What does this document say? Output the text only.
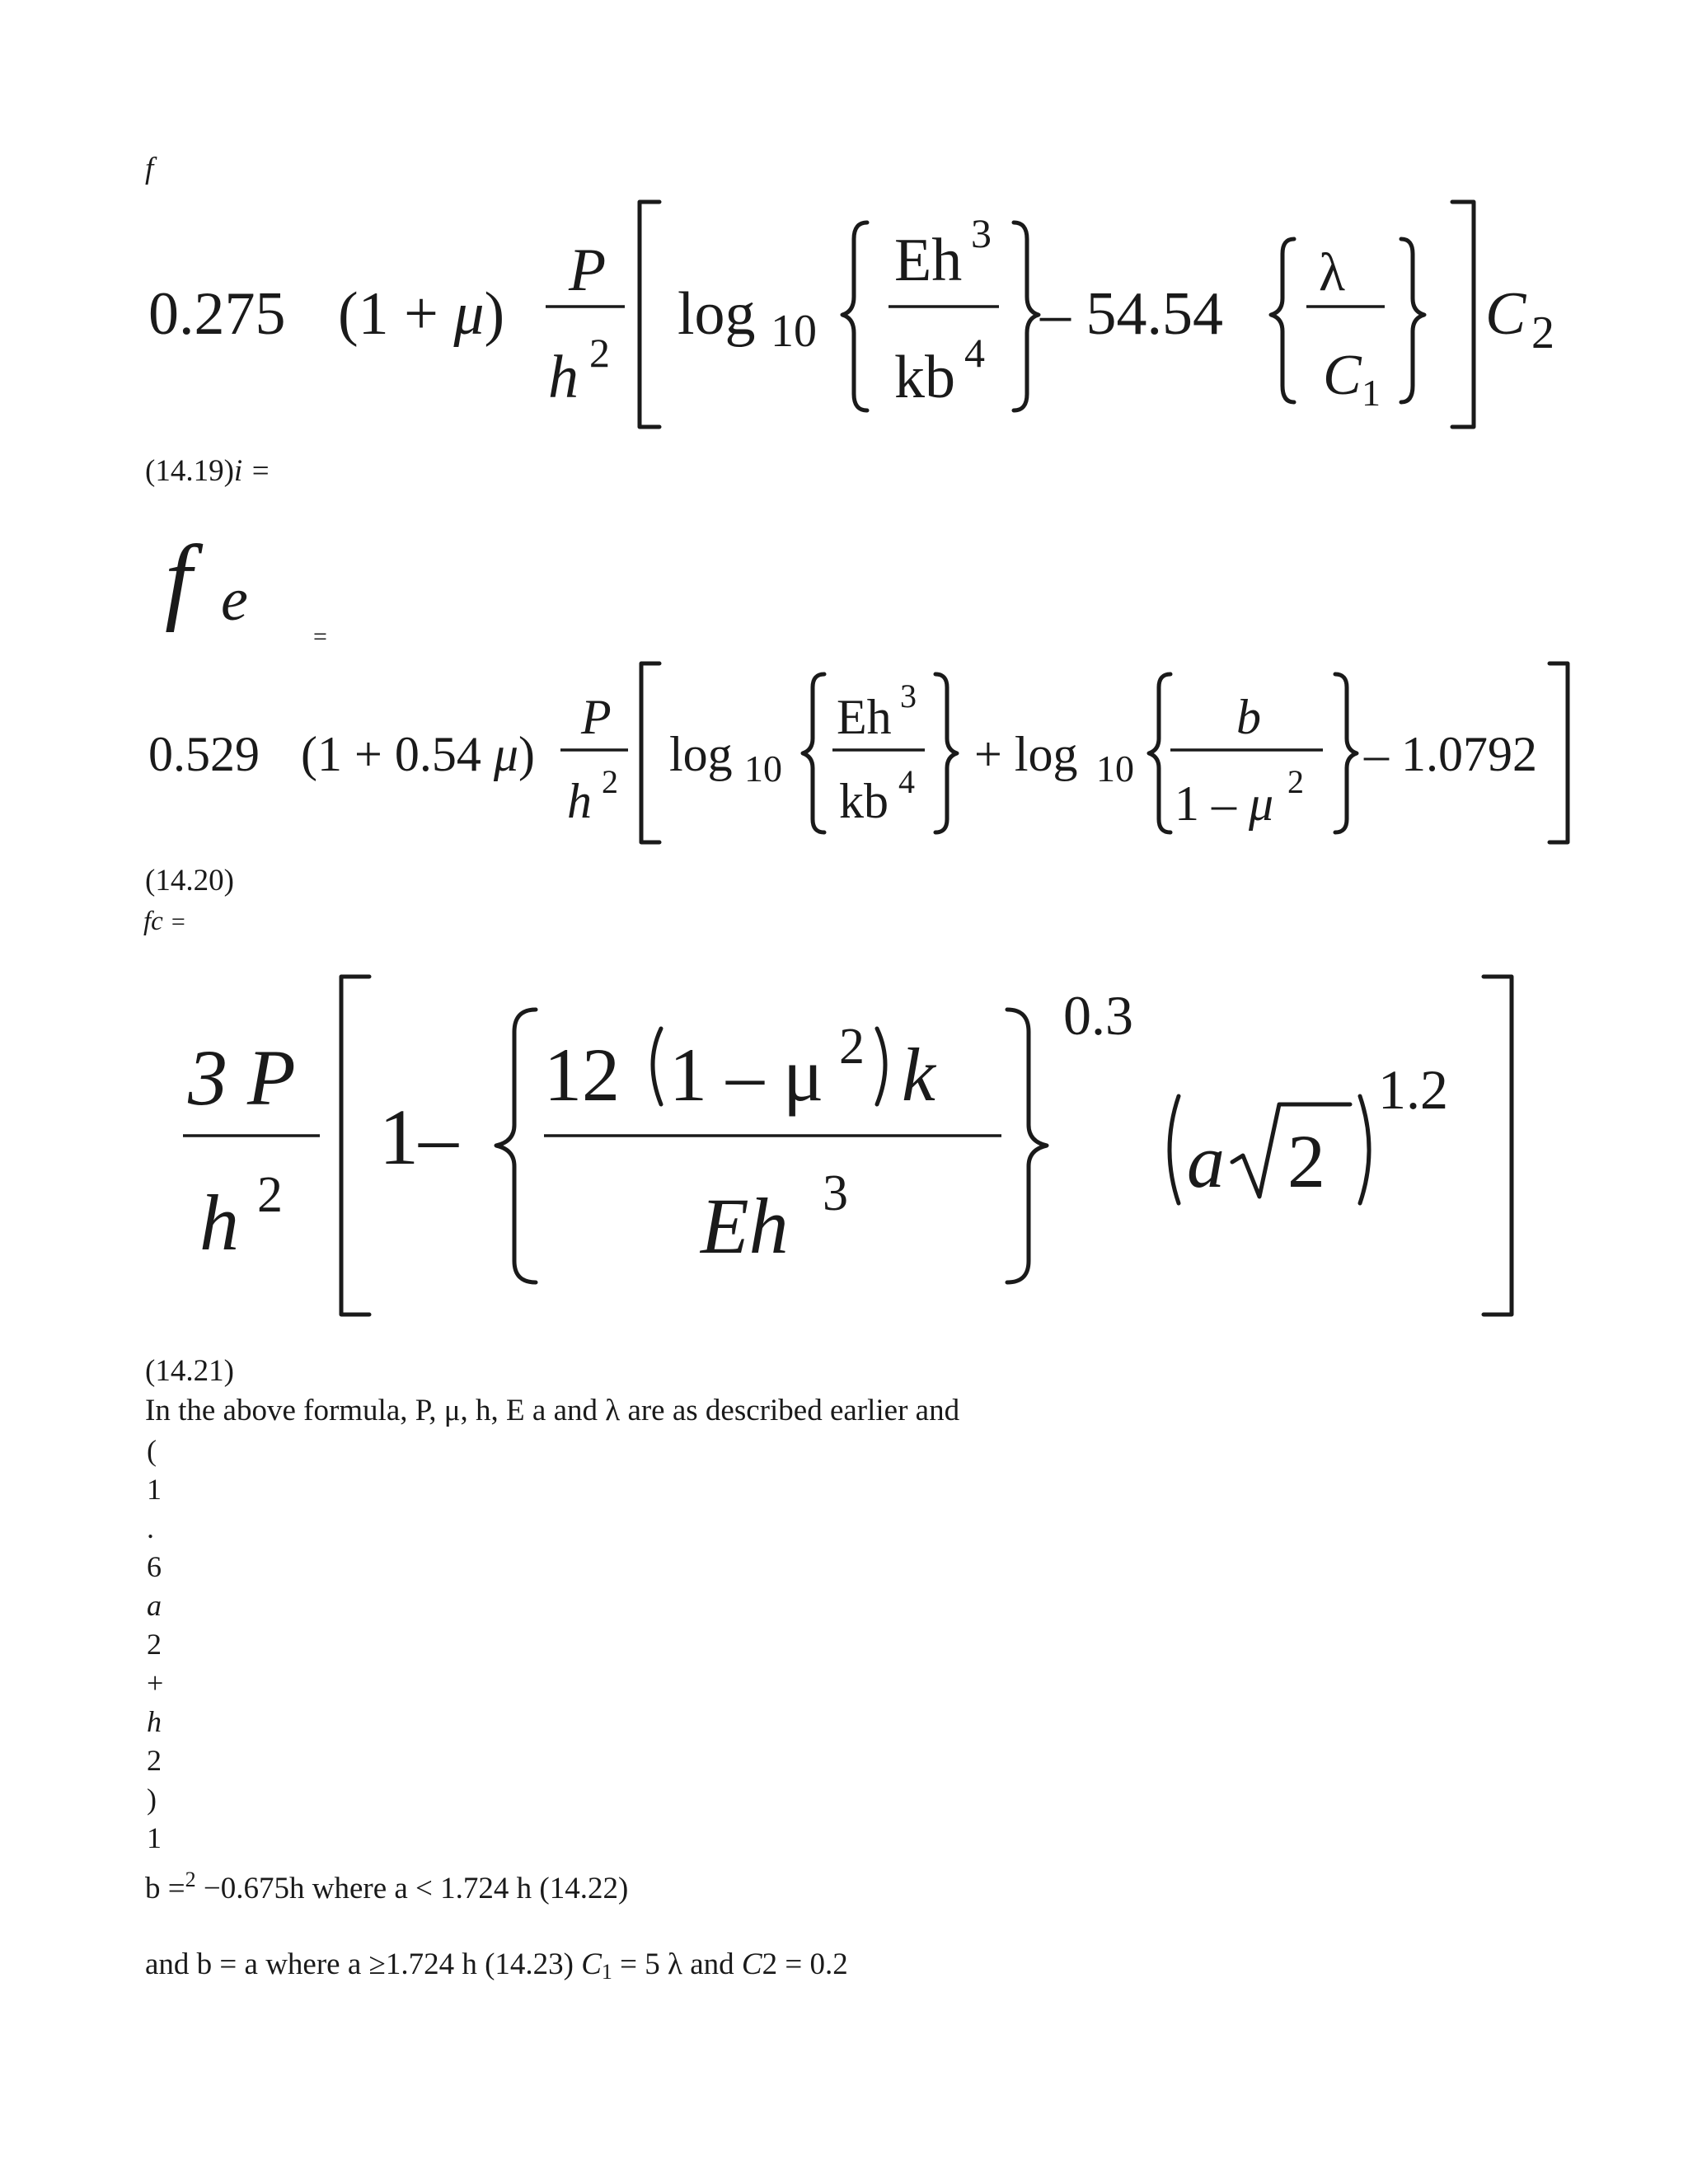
f
(14.19)i =
=
(14.20)
fc =
0.275 (1 + μ)
P
h 2
log 10
Eh 3
kb 4
– 54.54
λ
C 1
C 2
f e
0.529 (1 + 0.54 μ)
P
h 2
log 10
Eh 3
kb 4
+ log 10
b
1 – μ 2
– 1.0792
3 P
h 2
1–
12 1 – μ 2 k
Eh 3
0.3
a 2
1.2
(14.21)
In the above formula, P, μ, h, E a and λ are as described earlier and
(
1
.
6
a
2
+
h
2
)
1
b =$^2$ −0.675h where a < 1.724 h (14.22)
and b = a where a ≥1.724 h (14.23) $C_1 = 5$ λ and C2 = 0.2
